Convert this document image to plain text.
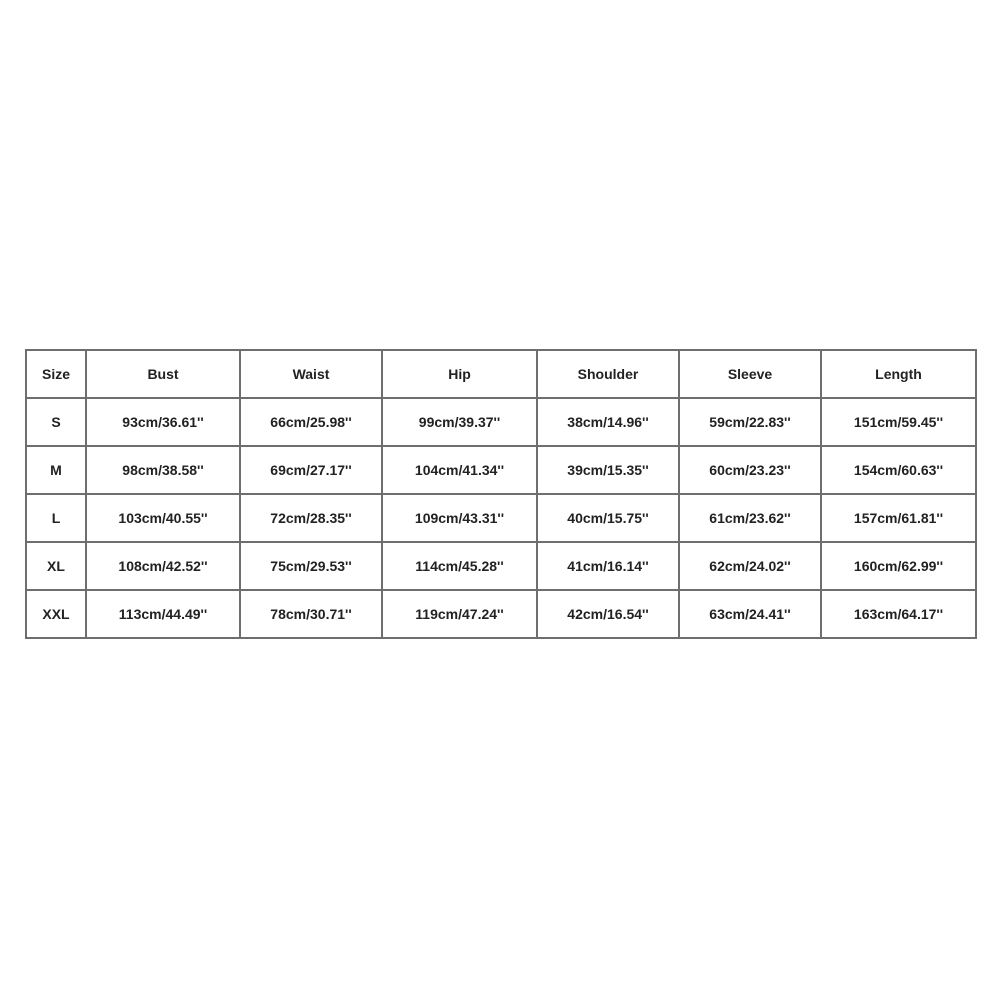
Size	Bust	Waist	Hip	Shoulder	Sleeve	Length
S	93cm/36.61''	66cm/25.98''	99cm/39.37''	38cm/14.96''	59cm/22.83''	151cm/59.45''
M	98cm/38.58''	69cm/27.17''	104cm/41.34''	39cm/15.35''	60cm/23.23''	154cm/60.63''
L	103cm/40.55''	72cm/28.35''	109cm/43.31''	40cm/15.75''	61cm/23.62''	157cm/61.81''
XL	108cm/42.52''	75cm/29.53''	114cm/45.28''	41cm/16.14''	62cm/24.02''	160cm/62.99''
XXL	113cm/44.49''	78cm/30.71''	119cm/47.24''	42cm/16.54''	63cm/24.41''	163cm/64.17''
